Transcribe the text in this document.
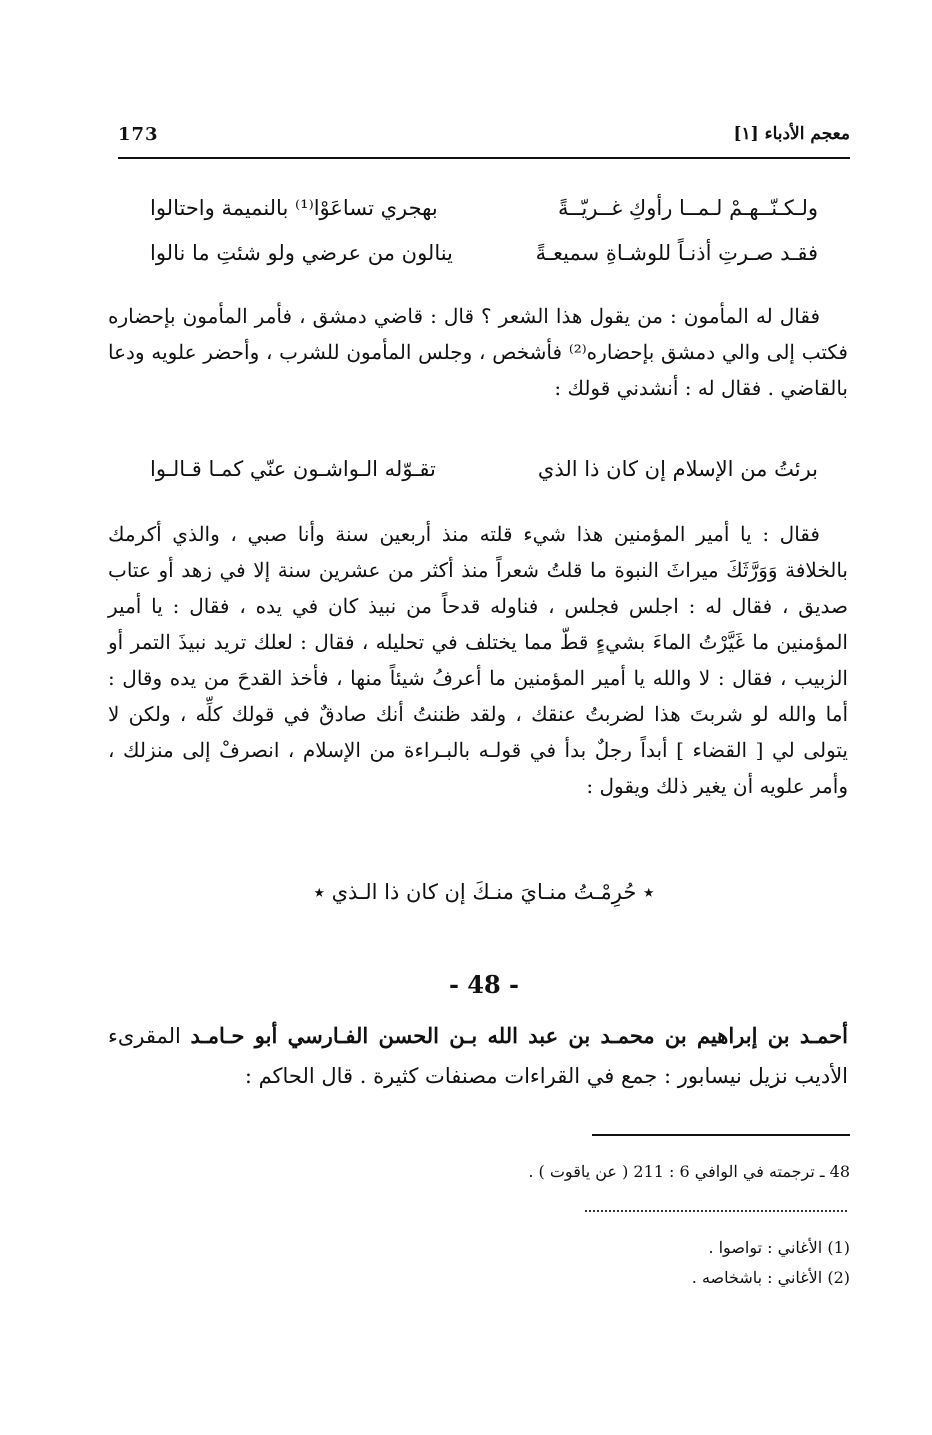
معجم الأدباء [١]
173
ولـكـنّــهـمْ لـمــا رأوكِ غــريّــةً
بهجري تساعَوْا⁽¹⁾ بالنميمة واحتالوا
فقـد صـرتِ أذنـاً للوشـاةِ سميعـةً
ينالون من عرضي ولو شئتِ ما نالوا

فقال له المأمون : من يقول هذا الشعر ؟ قال : قاضي دمشق ، فأمر المأمون بإحضاره فكتب إلى والي دمشق بإحضاره⁽²⁾ فأشخص ، وجلس المأمون للشرب ، وأحضر علويه ودعا بالقاضي . فقال له : أنشدني قولك :

برئتُ من الإسلام إن كان ذا الذي
تقـوّله الـواشـون عنّي كمـا قـالـوا

فقال : يا أمير المؤمنين هذا شيء قلته منذ أربعين سنة وأنا صبي ، والذي أكرمك بالخلافة وَوَرَّثَكَ ميراثَ النبوة ما قلتُ شعراً منذ أكثر من عشرين سنة إلا في زهد أو عتاب صديق ، فقال له : اجلس فجلس ، فناوله قدحاً من نبيذ كان في يده ، فقال : يا أمير المؤمنين ما غَيَّرْتُ الماءَ بشيءٍ قطّ مما يختلف في تحليله ، فقال : لعلك تريد نبيذَ التمر أو الزبيب ، فقال : لا والله يا أمير المؤمنين ما أعرفُ شيئاً منها ، فأخذ القدحَ من يده وقال : أما والله لو شربتَ هذا لضربتُ عنقك ، ولقد ظننتُ أنك صادقٌ في قولك كلِّه ، ولكن لا يتولى لي [ القضاء ] أبداً رجلٌ بدأ في قولـه بالبـراءة من الإسلام ، انصرفْ إلى منزلك ، وأمر علويه أن يغير ذلك ويقول :

٭ حُرِمْـتُ منـايَ منـكَ إن كان ذا الـذي ٭
- 48 -
أحمـد بن إبراهيم بن محمـد بن عبد الله بـن الحسن الفـارسي أبو حـامـد المقرىء الأديب نزيل نيسابور : جمع في القراءات مصنفات كثيرة . قال الحاكم :
48 ـ ترجمته في الوافي 6 : 211 ( عن ياقوت ) .
(1) الأغاني : تواصوا .
(2) الأغاني : باشخاصه .
